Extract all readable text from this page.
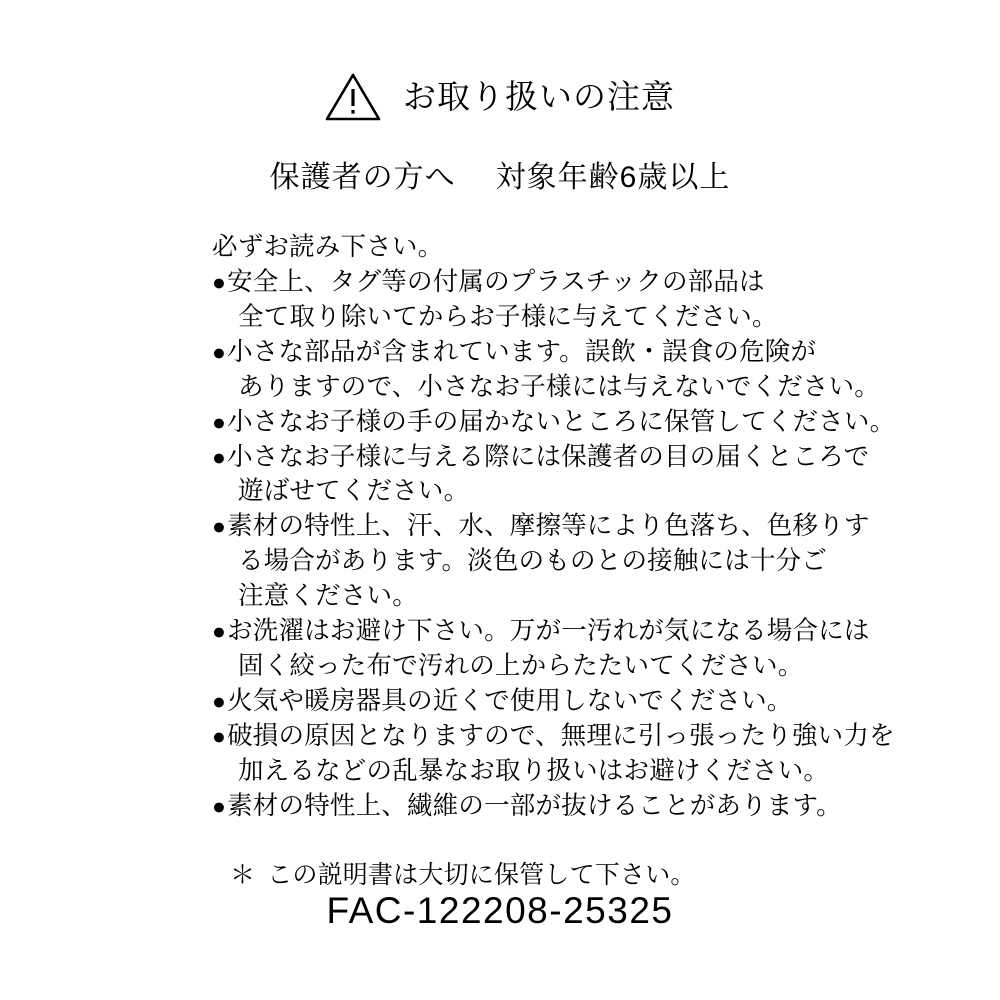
お取り扱いの注意
保護者の方へ 対象年齢6歳以上
必ずお読み下さい。
● 安全上、タグ等の付属のプラスチックの部品は
全て取り除いてからお子様に与えてください。
● 小さな部品が含まれています。誤飲・誤食の危険が
ありますので、小さなお子様には与えないでください。
● 小さなお子様の手の届かないところに保管してください。
● 小さなお子様に与える際には保護者の目の届くところで
遊ばせてください。
● 素材の特性上、汗、水、摩擦等により色落ち、色移りす
る場合があります。淡色のものとの接触には十分ご
注意ください。
● お洗濯はお避け下さい。万が一汚れが気になる場合には
固く絞った布で汚れの上からたたいてください。
● 火気や暖房器具の近くで使用しないでください。
● 破損の原因となりますので、無理に引っ張ったり強い力を
加えるなどの乱暴なお取り扱いはお避けください。
● 素材の特性上、繊維の一部が抜けることがあります。
＊ この説明書は大切に保管して下さい。
FAC-122208-25325
